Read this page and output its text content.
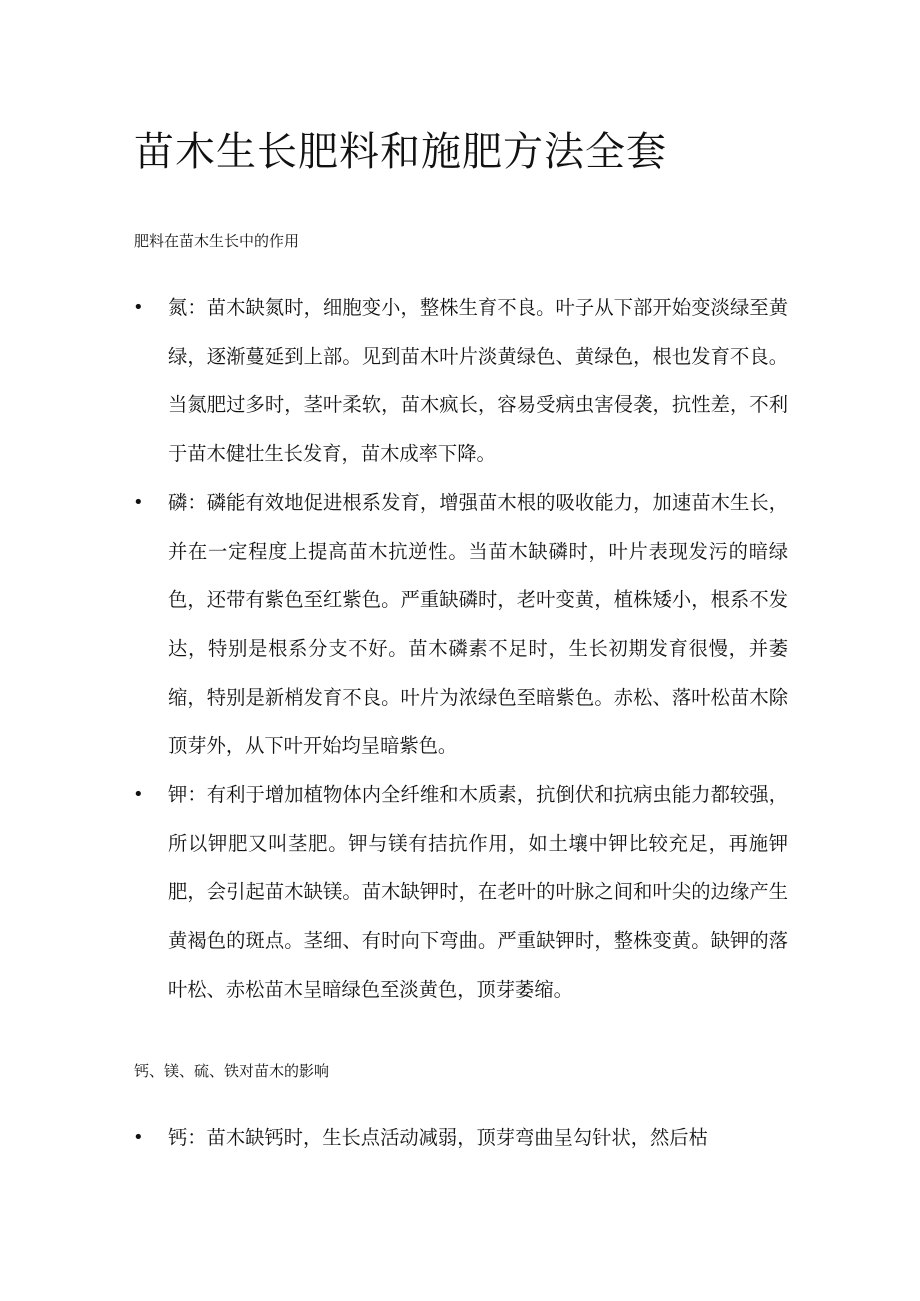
苗木生长肥料和施肥方法全套
肥料在苗木生长中的作用
• 氮：苗木缺氮时，细胞变小，整株生育不良。叶子从下部开始变淡绿至黄绿，逐渐蔓延到上部。见到苗木叶片淡黄绿色、黄绿色，根也发育不良。当氮肥过多时，茎叶柔软，苗木疯长，容易受病虫害侵袭，抗性差，不利于苗木健壮生长发育，苗木成率下降。

• 磷：磷能有效地促进根系发育，增强苗木根的吸收能力，加速苗木生长，并在一定程度上提高苗木抗逆性。当苗木缺磷时，叶片表现发污的暗绿色，还带有紫色至红紫色。严重缺磷时，老叶变黄，植株矮小，根系不发达，特别是根系分支不好。苗木磷素不足时，生长初期发育很慢，并萎缩，特别是新梢发育不良。叶片为浓绿色至暗紫色。赤松、落叶松苗木除顶芽外，从下叶开始均呈暗紫色。

• 钾：有利于增加植物体内全纤维和木质素，抗倒伏和抗病虫能力都较强，所以钾肥又叫茎肥。钾与镁有拮抗作用，如土壤中钾比较充足，再施钾肥，会引起苗木缺镁。苗木缺钾时，在老叶的叶脉之间和叶尖的边缘产生黄褐色的斑点。茎细、有时向下弯曲。严重缺钾时，整株变黄。缺钾的落叶松、赤松苗木呈暗绿色至淡黄色，顶芽萎缩。

钙、镁、硫、铁对苗木的影响
• 钙：苗木缺钙时，生长点活动减弱，顶芽弯曲呈勾针状，然后枯
